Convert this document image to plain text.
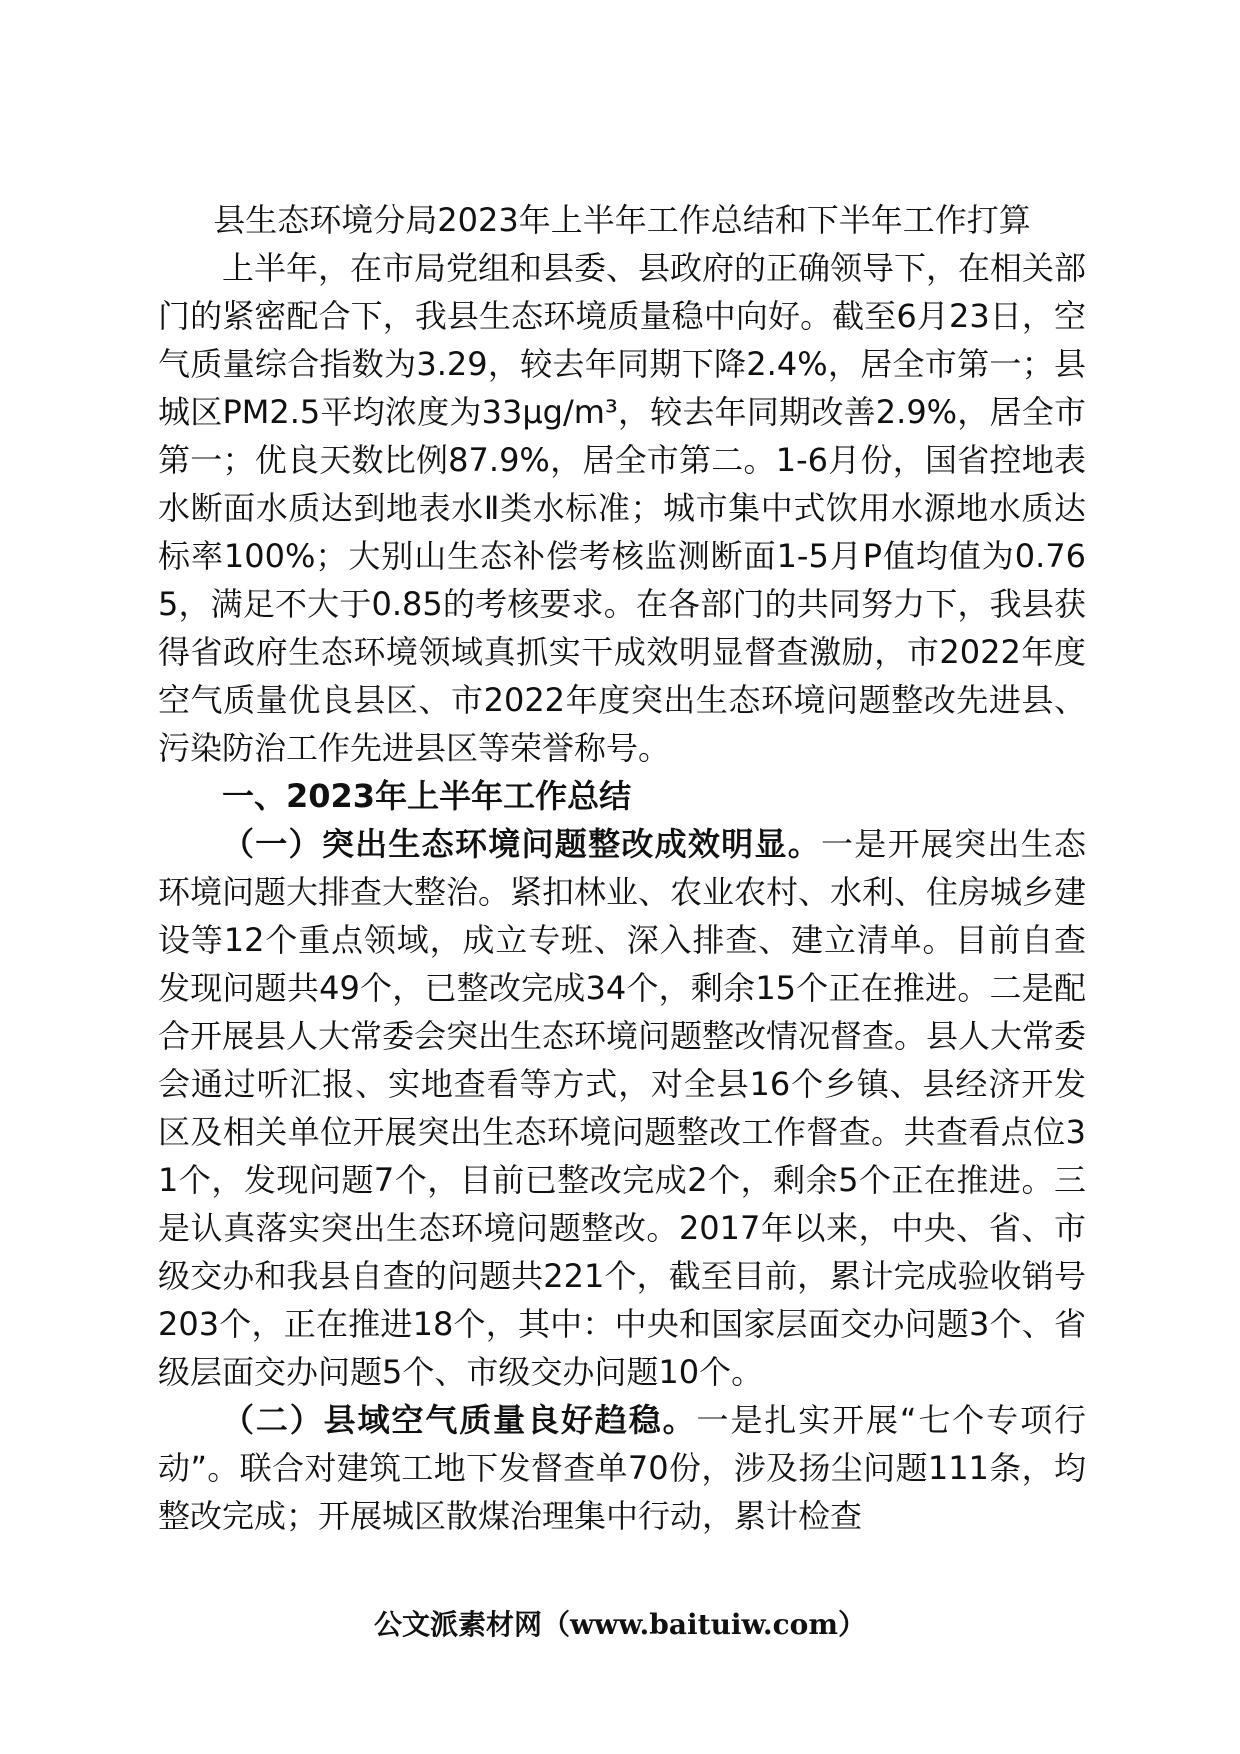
县生态环境分局2023年上半年工作总结和下半年工作打算

上半年，在市局党组和县委、县政府的正确领导下，在相关部门的紧密配合下，我县生态环境质量稳中向好。截至6月23日，空气质量综合指数为3.29，较去年同期下降2.4%，居全市第一；县城区PM2.5平均浓度为33μg/m³，较去年同期改善2.9%，居全市第一；优良天数比例87.9%，居全市第二。1-6月份，国省控地表水断面水质达到地表水Ⅱ类水标准；城市集中式饮用水源地水质达标率100%；大别山生态补偿考核监测断面1-5月P值均值为0.765，满足不大于0.85的考核要求。在各部门的共同努力下，我县获得省政府生态环境领域真抓实干成效明显督查激励，市2022年度空气质量优良县区、市2022年度突出生态环境问题整改先进县、污染防治工作先进县区等荣誉称号。

一、2023年上半年工作总结

（一）突出生态环境问题整改成效明显。一是开展突出生态环境问题大排查大整治。紧扣林业、农业农村、水利、住房城乡建设等12个重点领域，成立专班、深入排查、建立清单。目前自查发现问题共49个，已整改完成34个，剩余15个正在推进。二是配合开展县人大常委会突出生态环境问题整改情况督查。县人大常委会通过听汇报、实地查看等方式，对全县16个乡镇、县经济开发区及相关单位开展突出生态环境问题整改工作督查。共查看点位31个，发现问题7个，目前已整改完成2个，剩余5个正在推进。三是认真落实突出生态环境问题整改。2017年以来，中央、省、市级交办和我县自查的问题共221个，截至目前，累计完成验收销号203个，正在推进18个，其中：中央和国家层面交办问题3个、省级层面交办问题5个、市级交办问题10个。

（二）县域空气质量良好趋稳。一是扎实开展“七个专项行动”。联合对建筑工地下发督查单70份，涉及扬尘问题111条，均整改完成；开展城区散煤治理集中行动，累计检查

公文派素材网（www.baituiw.com）
